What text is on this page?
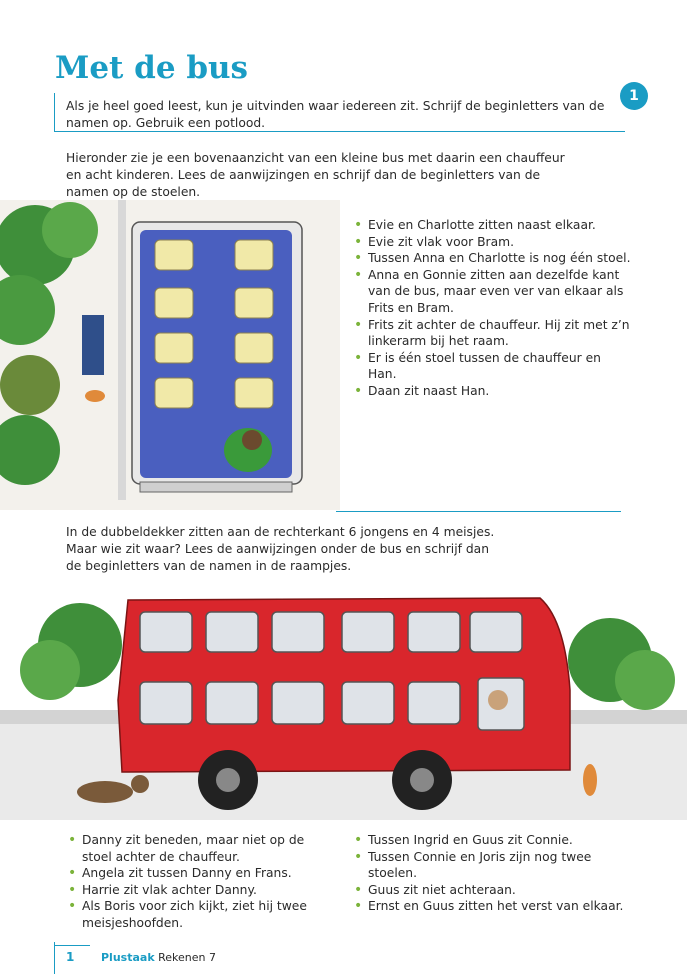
Met de bus
1
Als je heel goed leest, kun je uitvinden waar iedereen zit. Schrijf de beginletters van de namen op. Gebruik een potlood.
Hieronder zie je een bovenaanzicht van een kleine bus met daarin een chauffeur
en acht kinderen. Lees de aanwijzingen en schrijf dan de beginletters van de
namen op de stoelen.
• Evie en Charlotte zitten naast elkaar.
• Evie zit vlak voor Bram.
• Tussen Anna en Charlotte is nog één stoel.
• Anna en Gonnie zitten aan dezelfde kant van de bus, maar even ver van elkaar als Frits en Bram.
• Frits zit achter de chauffeur. Hij zit met z’n linkerarm bij het raam.
• Er is één stoel tussen de chauffeur en Han.
• Daan zit naast Han.
In de dubbeldekker zitten aan de rechterkant 6 jongens en 4 meisjes.
Maar wie zit waar? Lees de aanwijzingen onder de bus en schrijf dan
de beginletters van de namen in de raampjes.
• Danny zit beneden, maar niet op de stoel achter de chauffeur.
• Angela zit tussen Danny en Frans.
• Harrie zit vlak achter Danny.
• Als Boris voor zich kijkt, ziet hij twee meisjeshoofden.
• Tussen Ingrid en Guus zit Connie.
• Tussen Connie en Joris zijn nog twee stoelen.
• Guus zit niet achteraan.
• Ernst en Guus zitten het verst van elkaar.
1 Plustaak Rekenen 7
